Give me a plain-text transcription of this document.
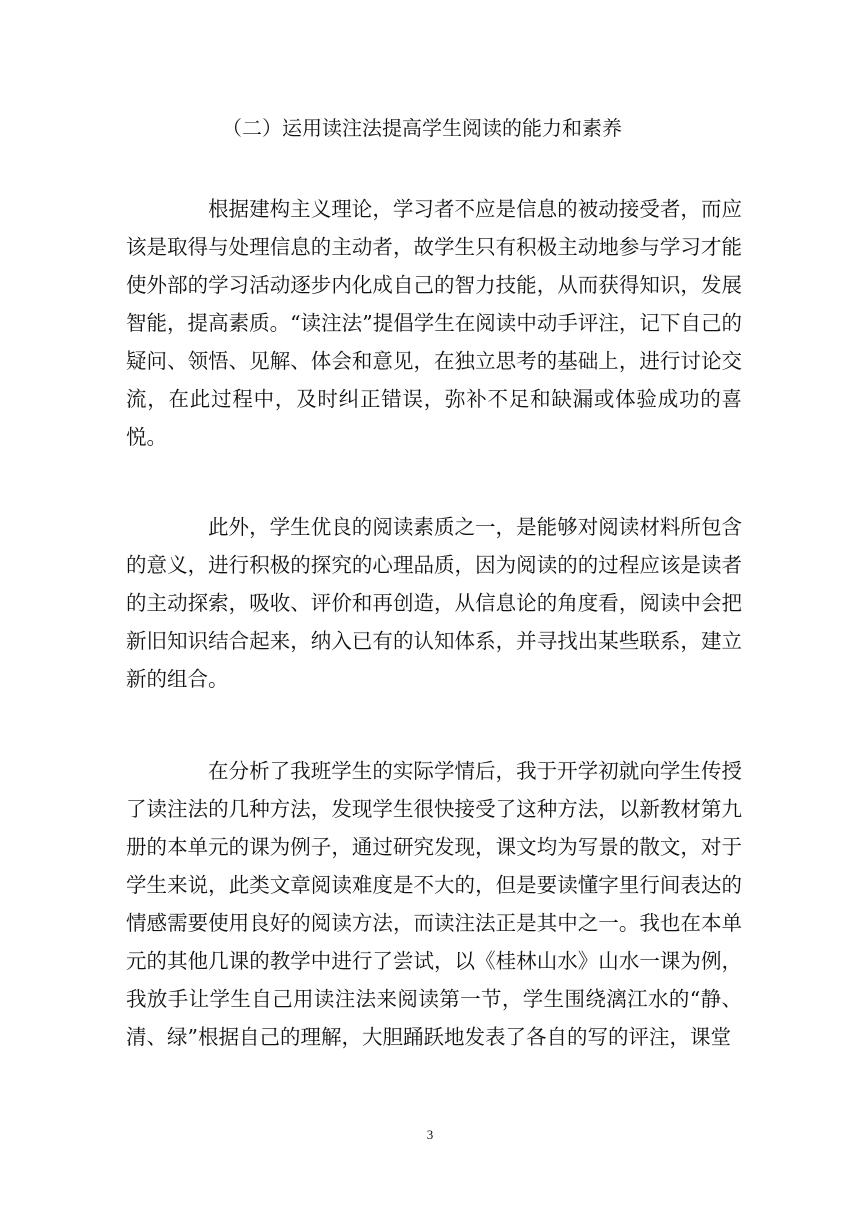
（二）运用读注法提高学生阅读的能力和素养

根据建构主义理论，学习者不应是信息的被动接受者，而应该是取得与处理信息的主动者，故学生只有积极主动地参与学习才能使外部的学习活动逐步内化成自己的智力技能，从而获得知识，发展智能，提高素质。“读注法”提倡学生在阅读中动手评注，记下自己的疑问、领悟、见解、体会和意见，在独立思考的基础上，进行讨论交流，在此过程中，及时纠正错误，弥补不足和缺漏或体验成功的喜悦。

此外，学生优良的阅读素质之一，是能够对阅读材料所包含的意义，进行积极的探究的心理品质，因为阅读的的过程应该是读者的主动探索，吸收、评价和再创造，从信息论的角度看，阅读中会把新旧知识结合起来，纳入已有的认知体系，并寻找出某些联系，建立新的组合。

在分析了我班学生的实际学情后，我于开学初就向学生传授了读注法的几种方法，发现学生很快接受了这种方法，以新教材第九册的本单元的课为例子，通过研究发现，课文均为写景的散文，对于学生来说，此类文章阅读难度是不大的，但是要读懂字里行间表达的情感需要使用良好的阅读方法，而读注法正是其中之一。我也在本单元的其他几课的教学中进行了尝试，以《桂林山水》山水一课为例，我放手让学生自己用读注法来阅读第一节，学生围绕漓江水的“静、清、绿”根据自己的理解，大胆踊跃地发表了各自的写的评注，课堂

3
